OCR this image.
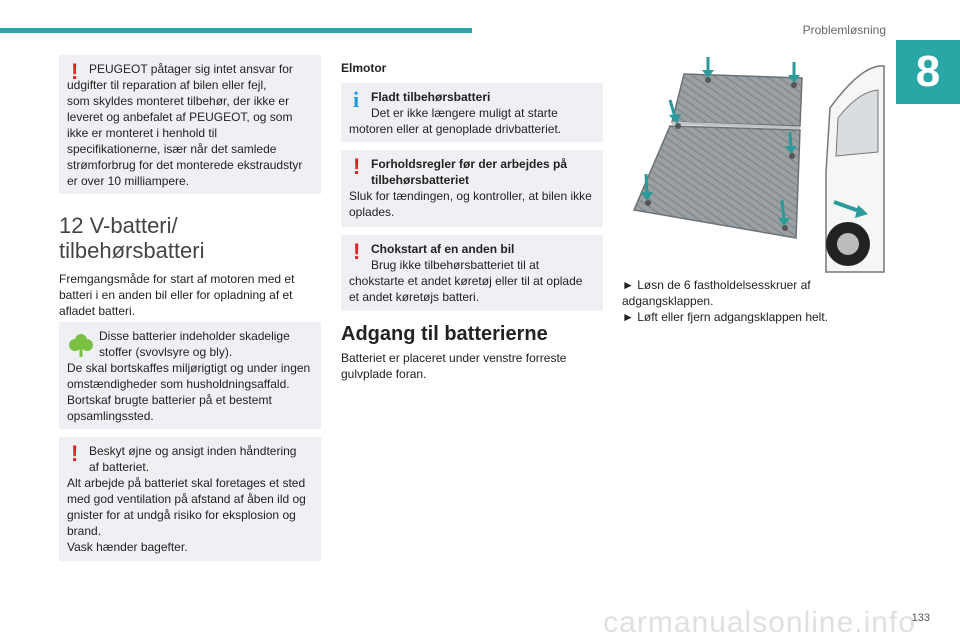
Problemløsning
8
! PEUGEOT påtager sig intet ansvar for

udgifter til reparation af bilen eller fejl,
som skyldes monteret tilbehør, der ikke er
leveret og anbefalet af PEUGEOT, og som
ikke er monteret i henhold til
specifikationerne, især når det samlede
strømforbrug for det monterede ekstraudstyr
er over 10 milliampere.

12 V-batteri/
tilbehørsbatteri

Fremgangsmåde for start af motoren med et
batteri i en anden bil eller for opladning af et
afladet batteri.

Disse batterier indeholder skadelige
stoffer (svovlsyre og bly).

De skal bortskaffes miljørigtigt og under ingen
omstændigheder som husholdningsaffald.
Bortskaf brugte batterier på et bestemt
opsamlingssted.

! Beskyt øjne og ansigt inden håndtering
af batteriet.

Alt arbejde på batteriet skal foretages et sted
med god ventilation på afstand af åben ild og
gnister for at undgå risiko for eksplosion og
brand.
Vask hænder bagefter.

Elmotor
i Fladt tilbehørsbatteri

Det er ikke længere muligt at starte

motoren eller at genoplade drivbatteriet.

! Forholdsregler før der arbejdes på
tilbehørsbatteriet

Sluk for tændingen, og kontroller, at bilen ikke
oplades.

! Chokstart af en anden bil

Brug ikke tilbehørsbatteriet til at

chokstarte et andet køretøj eller til at oplade
et andet køretøjs batteri.

Adgang til batterierne

Batteriet er placeret under venstre forreste
gulvplade foran.

► Løsn de 6 fastholdelsesskruer af
adgangsklappen.
► Løft eller fjern adgangsklappen helt.
carmanualsonline.info
133
